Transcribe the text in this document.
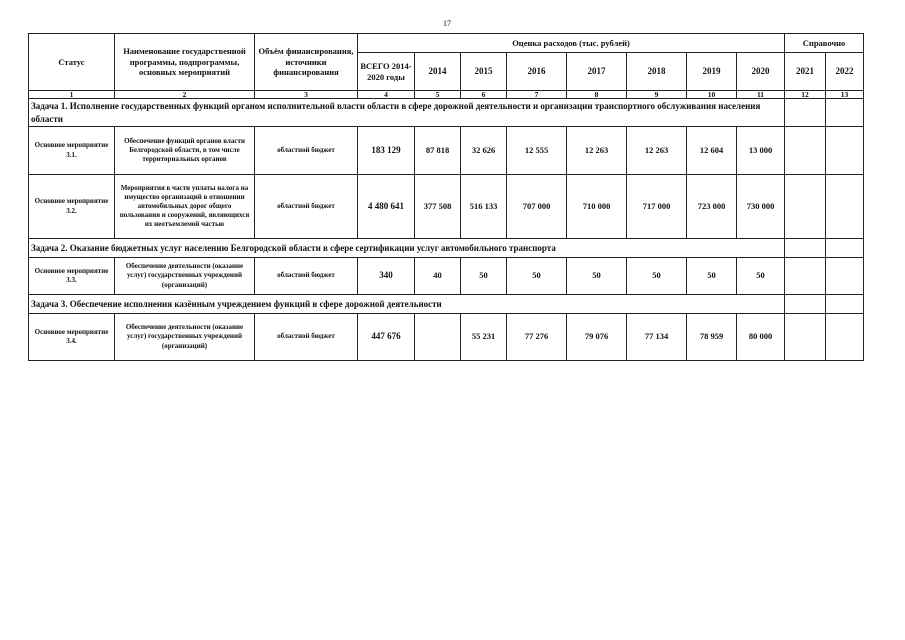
17
Статус	Наименование государственной программы, подпрограммы, основных мероприятий	Объём финансирования, источники финансирования	Оценка расходов (тыс. рублей)								Справочно	
			ВСЕГО 2014-2020 годы	2014	2015	2016	2017	2018	2019	2020	2021	2022
1	2	3	4	5	6	7	8	9	10	11	12	13
Задача 1. Исполнение государственных функций органом исполнительной власти области в сфере дорожной деятельности и организации транспортного обслуживания населения области												
Основное мероприятие 3.1.	Обеспечение функций органов власти Белгородской области, в том числе территориальных органов	областной бюджет	183 129	87 818	32 626	12 555	12 263	12 263	12 604	13 000		
Основное мероприятие 3.2.	Мероприятия в части уплаты налога на имущество организаций в отношении автомобильных дорог общего пользования и сооружений, являющихся их неотъемлемой частью	областной бюджет	4 480 641	377 508	516 133	707 000	710 000	717 000	723 000	730 000		
Задача 2. Оказание бюджетных услуг населению Белгородской области в сфере сертификации услуг автомобильного транспорта												
Основное мероприятие 3.3.	Обеспечение деятельности (оказание услуг) государственных учреждений (организаций)	областной бюджет	340	40	50	50	50	50	50	50		
Задача 3. Обеспечение исполнения казённым учреждением функций в сфере дорожной деятельности												
Основное мероприятие 3.4.	Обеспечение деятельности (оказание услуг) государственных учреждений (организаций)	областной бюджет	447 676		55 231	77 276	79 076	77 134	78 959	80 000		
